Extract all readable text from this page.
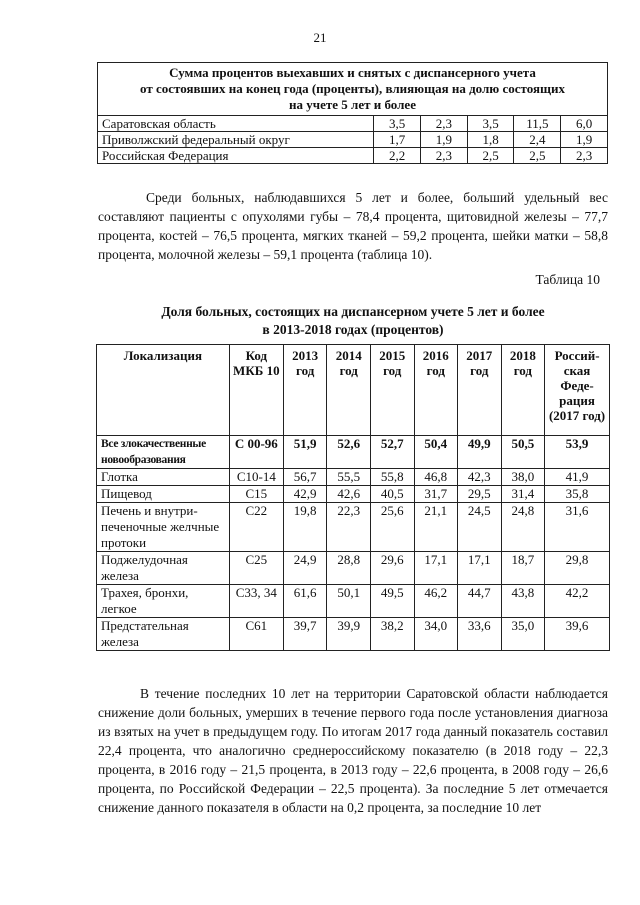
21
Сумма процентов выехавших и снятых с диспансерного учета
от состоявших на конец года (проценты), влияющая на долю состоящих
на учете 5 лет и более					
Саратовская область	3,5	2,3	3,5	11,5	6,0
Приволжский федеральный округ	1,7	1,9	1,8	2,4	1,9
Российская Федерация	2,2	2,3	2,5	2,5	2,3

Среди больных, наблюдавшихся 5 лет и более, больший удельный вес составляют пациенты с опухолями губы – 78,4 процента, щитовидной железы – 77,7 процента, костей – 76,5 процента, мягких тканей – 59,2 процента, шейки матки – 58,8 процента, молочной железы – 59,1 процента (таблица 10).

Таблица 10
Доля больных, состоящих на диспансерном учете 5 лет и более
в 2013-2018 годах (процентов)
Локализация	Код МКБ 10	2013 год	2014 год	2015 год	2016 год	2017 год	2018 год	Россий-ская Феде-рация (2017 год)
Все злокачественные новообразования	С 00-96	51,9	52,6	52,7	50,4	49,9	50,5	53,9
Глотка	С10-14	56,7	55,5	55,8	46,8	42,3	38,0	41,9
Пищевод	С15	42,9	42,6	40,5	31,7	29,5	31,4	35,8
Печень и внутри-печеночные желчные протоки	С22	19,8	22,3	25,6	21,1	24,5	24,8	31,6
Поджелудочная железа	С25	24,9	28,8	29,6	17,1	17,1	18,7	29,8
Трахея, бронхи, легкое	С33, 34	61,6	50,1	49,5	46,2	44,7	43,8	42,2
Предстательная железа	С61	39,7	39,9	38,2	34,0	33,6	35,0	39,6

В течение последних 10 лет на территории Саратовской области наблюдается снижение доли больных, умерших в течение первого года после установления диагноза из взятых на учет в предыдущем году. По итогам 2017 года данный показатель составил 22,4 процента, что аналогично среднероссийскому показателю (в 2018 году – 22,3 процента, в 2016 году – 21,5 процента, в 2013 году – 22,6 процента, в 2008 году – 26,6 процента, по Российской Федерации – 22,5 процента). За последние 5 лет отмечается снижение данного показателя в области на 0,2 процента, за последние 10 лет
